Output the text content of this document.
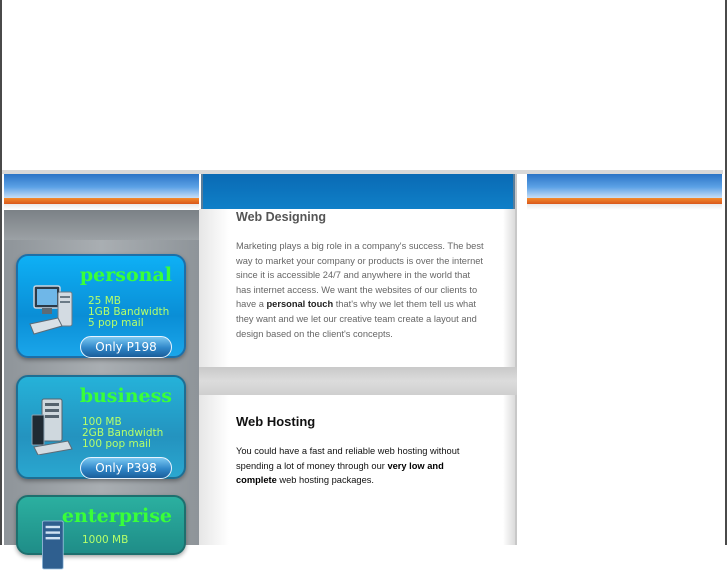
personal
25 MB
1GB Bandwidth
5 pop mail
Only P198
business
100 MB
2GB Bandwidth
100 pop mail
Only P398
enterprise
1000 MB
Web Designing
Marketing plays a big role in a company's success. The best way to market your company or products is over the internet since it is accessible 24/7 and anywhere in the world that has internet access. We want the websites of our clients to have a personal touch that's why we let them tell us what they want and we let our creative team create a layout and design based on the client's concepts.
Web Hosting
You could have a fast and reliable web hosting without spending a lot of money through our very low and complete web hosting packages.
